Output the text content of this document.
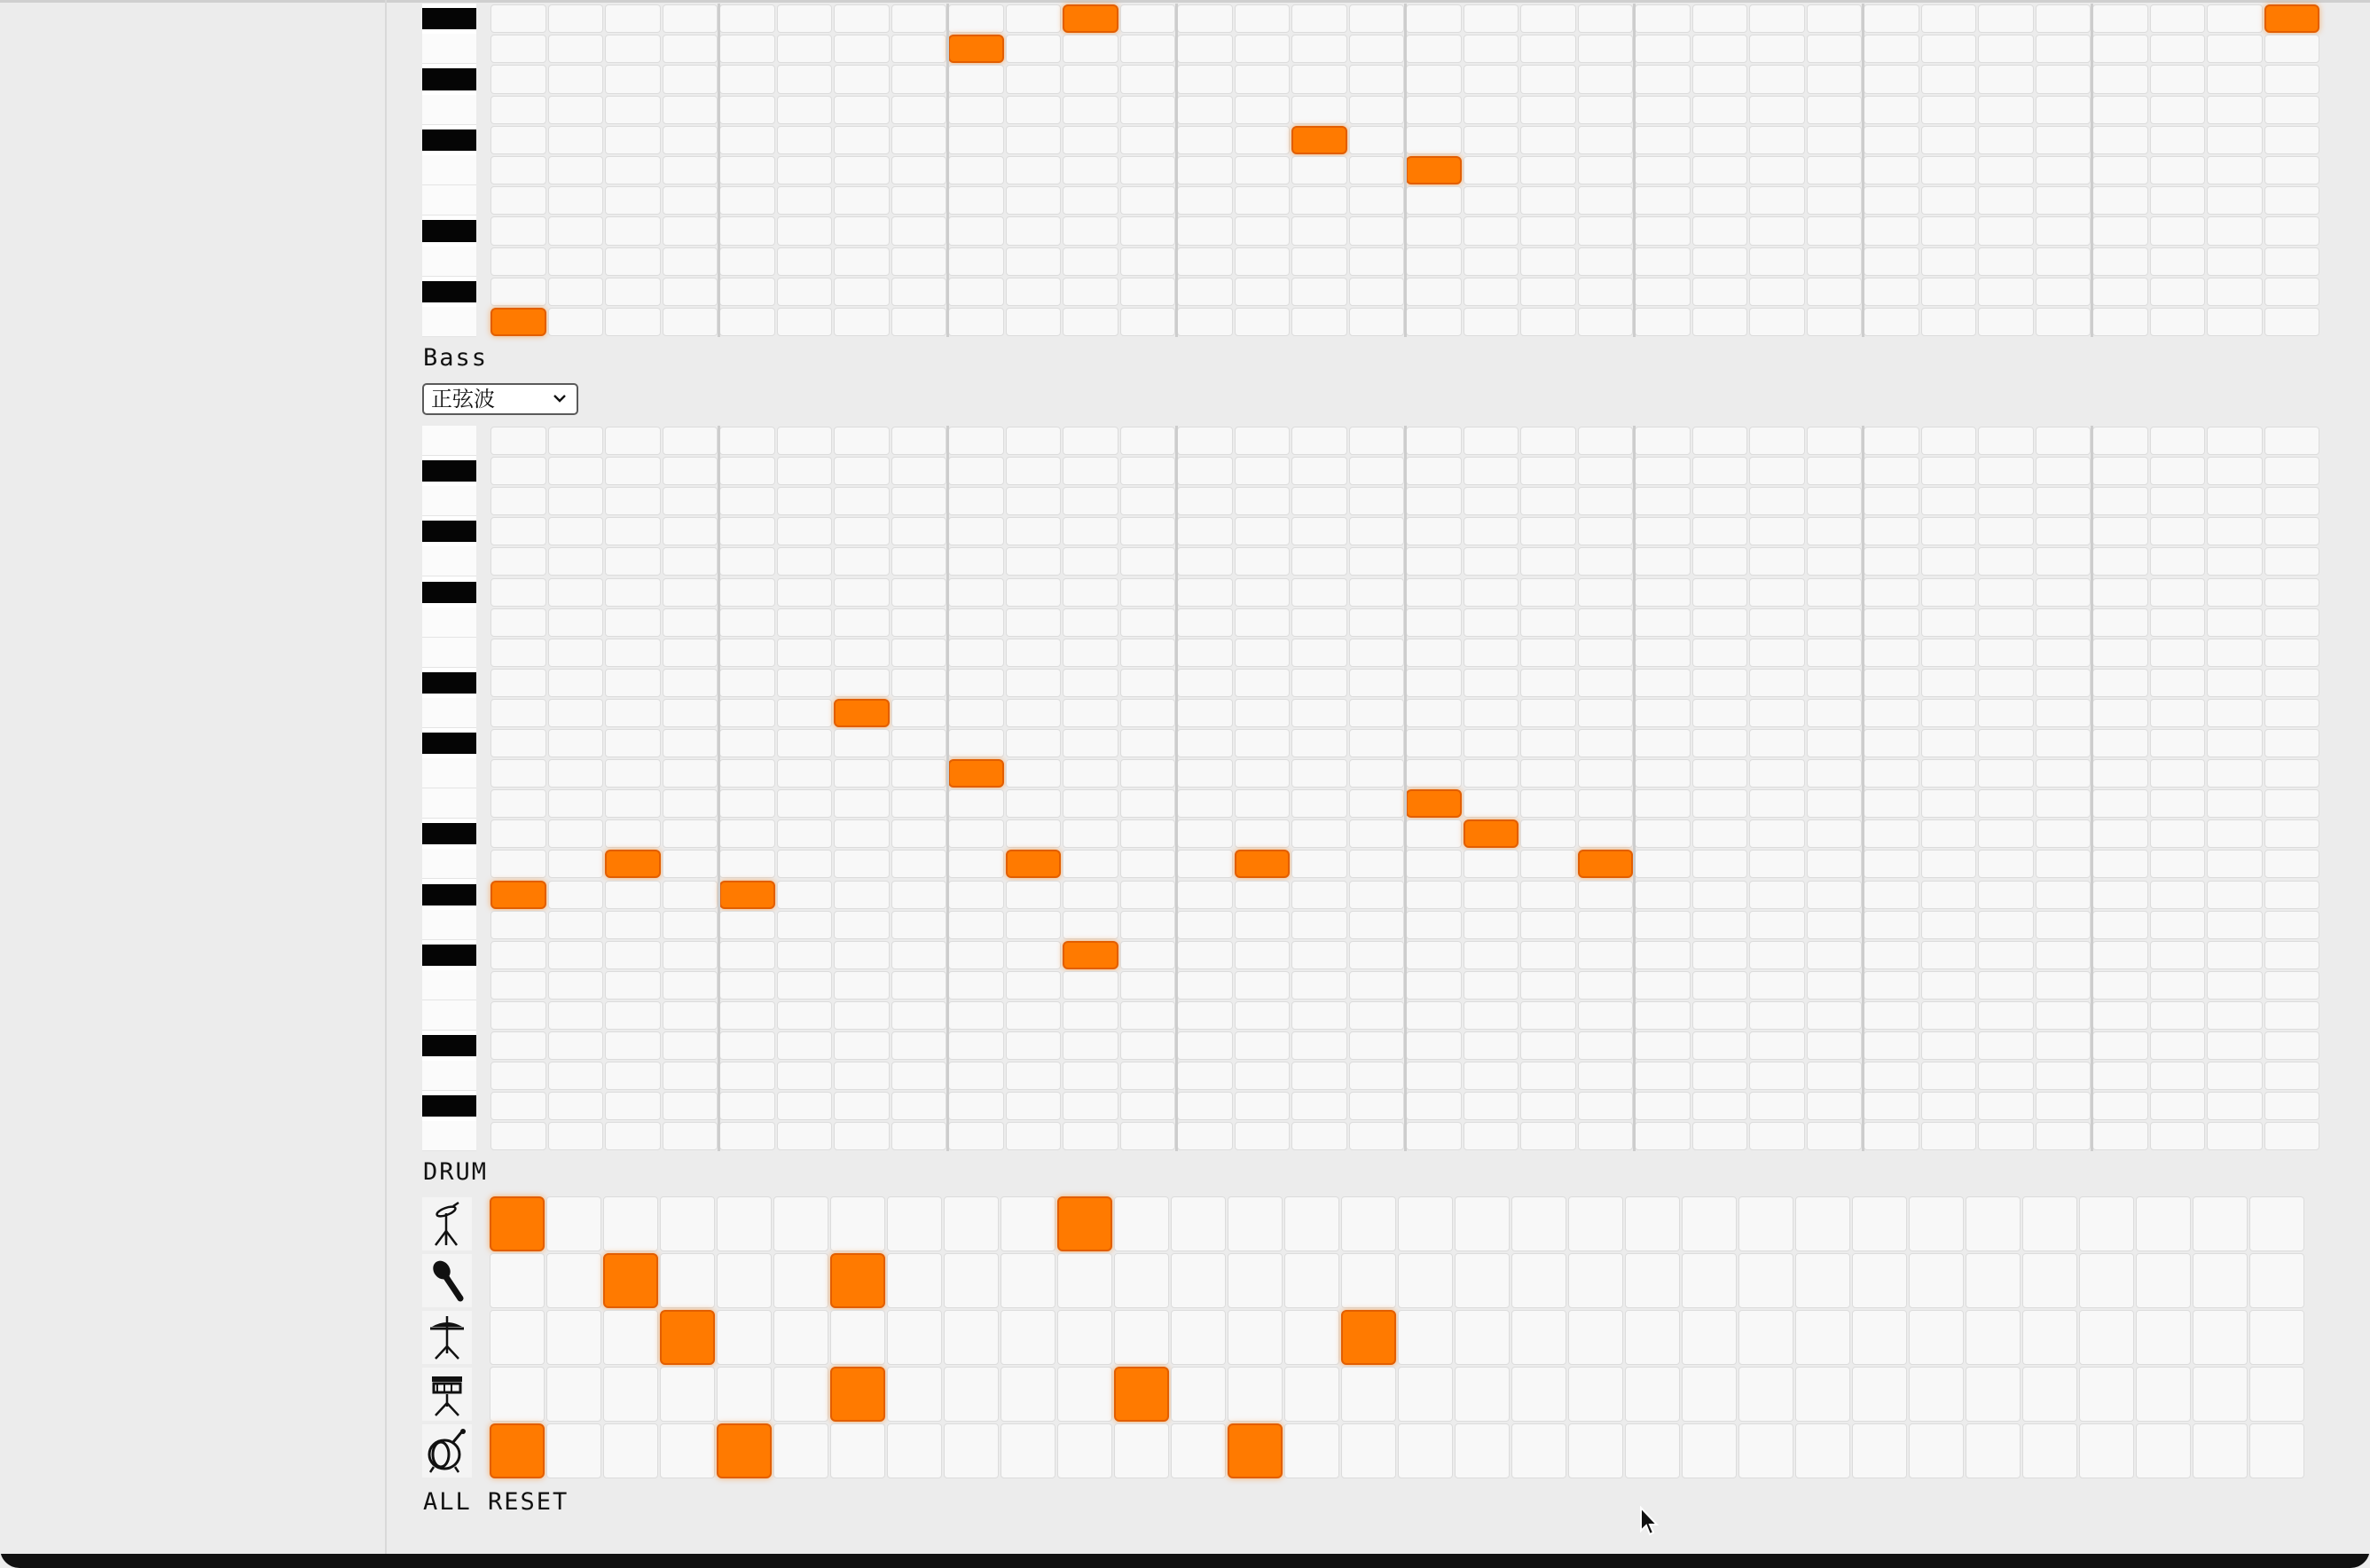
Bass
正弦波
DRUM
ALL RESET
